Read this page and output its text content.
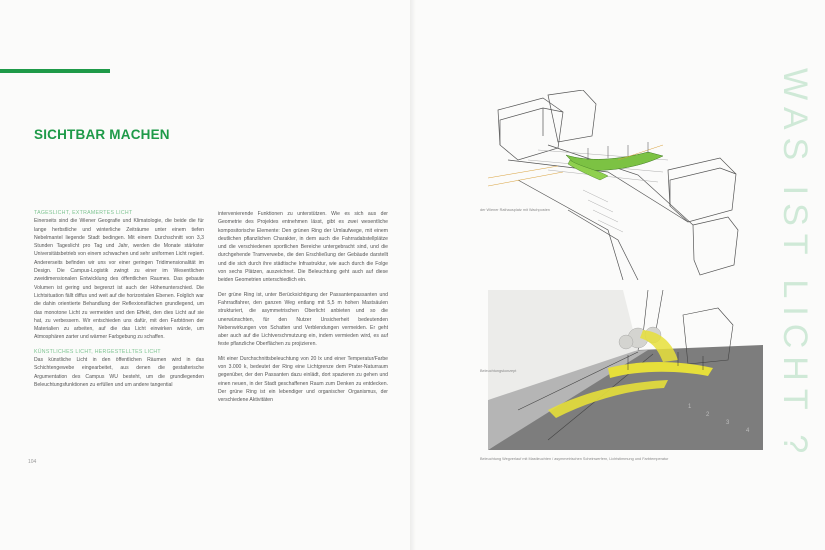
SICHTBAR MACHEN
TAGESLICHT, EXTRAMERTES LICHT

Einerseits sind die Wiener Geografie und Klimatologie, die beide die für lange herbstliche und winterliche Zeiträume unter einem tiefen Nebelmantel liegende Stadt bedingen. Mit einem Durchschnitt von 3,3 Stunden Tageslicht pro Tag und Jahr, werden die Monate stärkster Universitätsbetrieb von einem schwachen und sehr uniformen Licht regiert. Andererseits befinden wir uns vor einer geringen Tridimensionalität im Design. Die Campus-Logistik zwingt zu einer im Wesentlichen zweidimensionalen Entwicklung des öffentlichen Raumes. Das gebaute Volumen ist gering und begrenzt ist auch der Höhenunterschied. Die Lichtsituation fällt diffus und weit auf die horizontalen Ebenen. Folglich war die dahin orientierte Behandlung der Reflexionsflächen grundlegend, um das monotone Licht zu vermeiden und den Effekt, den dies Licht auf sie hat, zu verbessern. Wir entschieden uns dafür, mit den Farbtönen der Materialien zu arbeiten, auf die das Licht einwirken würde, um Atmosphären zarter und wärmer Farbgebung zu schaffen.

KÜNSTLICHES LICHT, HERGESTELLTES LICHT

Das künstliche Licht in den öffentlichen Räumen wird in das Schichtengewebe eingearbeitet, aus denen die gestalterische Argumentation des Campus WU besteht, um die grundlegenden Beleuchtungsfunktionen zu erfüllen und um andere tangential

intervenierende Funktionen zu unterstützen. Wie es sich aus der Geometrie des Projektes entnehmen lässt, gibt es zwei wesentliche kompositorische Elemente: Den grünen Ring der Umlaufwege, mit einem deutlichen pflanzlichen Charakter, in dem auch die Fahrradabstellplätze und die verschiedenen sportlichen Bereiche untergebracht sind, und die durchgehende Tramverwebe, die den Erschließung der Gebäude darstellt und die sich durch ihre städtische Infrastruktur, wie auch durch die Folge von sechs Plätzen, auszeichnet. Die Beleuchtung geht auch auf diese beiden Geometrien unterschiedlich ein.

Der grüne Ring ist, unter Berücksichtigung der Passantenpassanten und Fahrradfahrer, den ganzen Weg entlang mit 5,5 m hohen Mastsäulen strukturiert, die asymmetrischen Oberlicht anbieten und so die unerwünschten, für den Nutzer Unsicherheit bedeutenden Nebenwirkungen von Schatten und Verblendungen vermeiden. Er geht aber auch auf die Lichtverschmutzung ein, indem vermieden wird, es auf feste pflanzliche Oberflächen zu projizieren.

Mit einer Durchschnittsbeleuchtung von 20 lx und einer Temperatur/Farbe von 3.000 k, bedeutet der Ring eine Lichtgrenze dem Prater-Naturraum gegenüber, der den Passanten dazu einlädt, dort spazieren zu gehen und einen neuen, in der Stadt geschaffenen Raum zum Denken zu entdecken. Der grüne Ring ist ein lebendiger und organischer Organismus, der verschiedene Aktivitäten

104
der Wiener Rathausplatz mit Wachposten
1
2
3
4
Beleuchtungskonzept
Beleuchtung Wegverlauf mit Mastleuchten / asymmetrischen Scheinwerfern, Lichtstimmung und Farbtemperatur	WAS IST LICHT ?
